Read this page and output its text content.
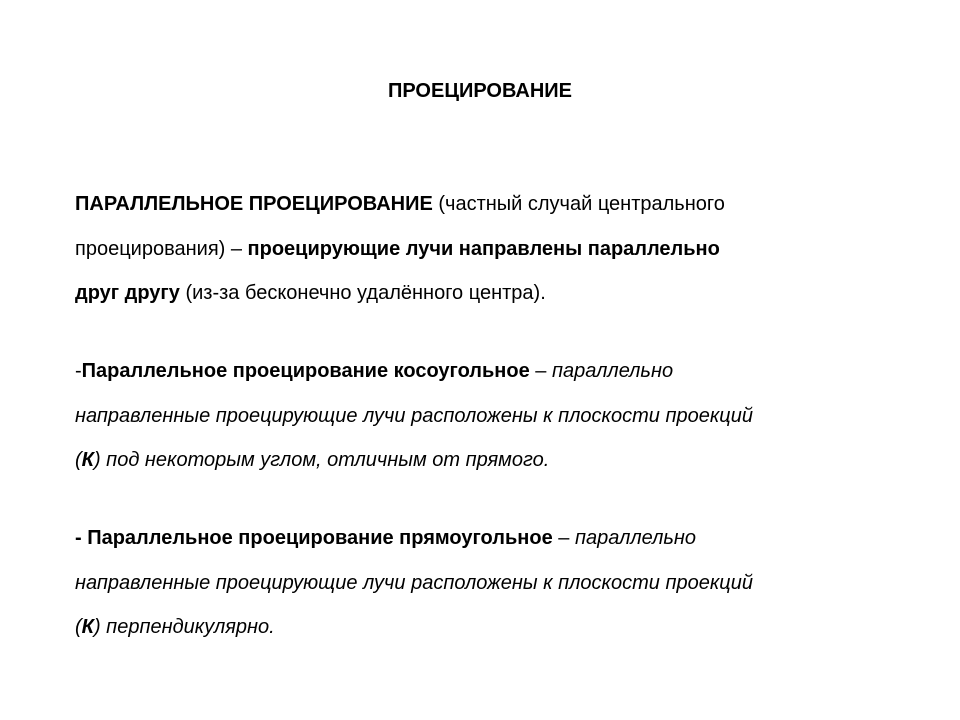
ПРОЕЦИРОВАНИЕ

ПАРАЛЛЕЛЬНОЕ ПРОЕЦИРОВАНИЕ (частный случай центрального
проецирования) – проецирующие лучи направлены параллельно
друг другу (из-за бесконечно удалённого центра).

-Параллельное проецирование косоугольное – параллельно
направленные проецирующие лучи расположены к плоскости проекций
(К) под некоторым углом, отличным от прямого.

- Параллельное проецирование прямоугольное – параллельно
направленные проецирующие лучи расположены к плоскости проекций
(К) перпендикулярно.
